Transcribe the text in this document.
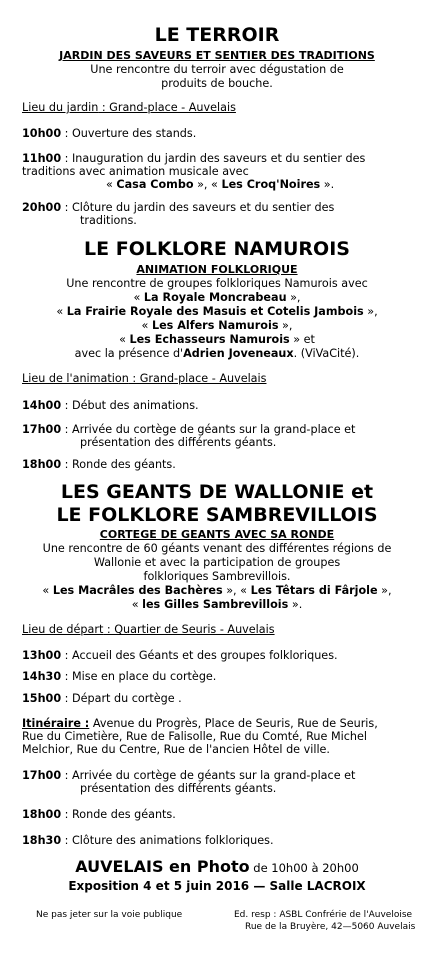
LE TERROIR
JARDIN DES SAVEURS ET SENTIER DES TRADITIONS
Une rencontre du terroir avec dégustation de
produits de bouche.
Lieu du jardin : Grand-place - Auvelais
10h00 : Ouverture des stands.
11h00 : Inauguration du jardin des saveurs et du sentier des
traditions avec animation musicale avec
« Casa Combo », « Les Croq'Noires ».
20h00 : Clôture du jardin des saveurs et du sentier des
traditions.
LE FOLKLORE NAMUROIS
ANIMATION FOLKLORIQUE
Une rencontre de groupes folkloriques Namurois avec
« La Royale Moncrabeau »,
« La Frairie Royale des Masuis et Cotelis Jambois »,
« Les Alfers Namurois »,
« Les Echasseurs Namurois » et
avec la présence d'Adrien Joveneaux. (ViVaCité).
Lieu de l'animation : Grand-place - Auvelais
14h00 : Début des animations.
17h00 : Arrivée du cortège de géants sur la grand-place et
présentation des différents géants.
18h00 : Ronde des géants.
LES GEANTS DE WALLONIE et
LE FOLKLORE SAMBREVILLOIS
CORTEGE DE GEANTS AVEC SA RONDE
Une rencontre de 60 géants venant des différentes régions de
Wallonie et avec la participation de groupes
folkloriques Sambrevillois.
« Les Macrâles des Bachères », « Les Têtars di Fârjole »,
« les Gilles Sambrevillois ».
Lieu de départ : Quartier de Seuris - Auvelais
13h00 : Accueil des Géants et des groupes folkloriques.
14h30 : Mise en place du cortège.
15h00 : Départ du cortège .
Itinéraire : Avenue du Progrès, Place de Seuris, Rue de Seuris,
Rue du Cimetière, Rue de Falisolle, Rue du Comté, Rue Michel
Melchior, Rue du Centre, Rue de l'ancien Hôtel de ville.
17h00 : Arrivée du cortège de géants sur la grand-place et
présentation des différents géants.
18h00 : Ronde des géants.
18h30 : Clôture des animations folkloriques.
AUVELAIS en Photo de 10h00 à 20h00
Exposition 4 et 5 juin 2016 — Salle LACROIX
Ne pas jeter sur la voie publique	Ed. resp : ASBL Confrérie de l'Auveloise
Rue de la Bruyère, 42—5060 Auvelais
